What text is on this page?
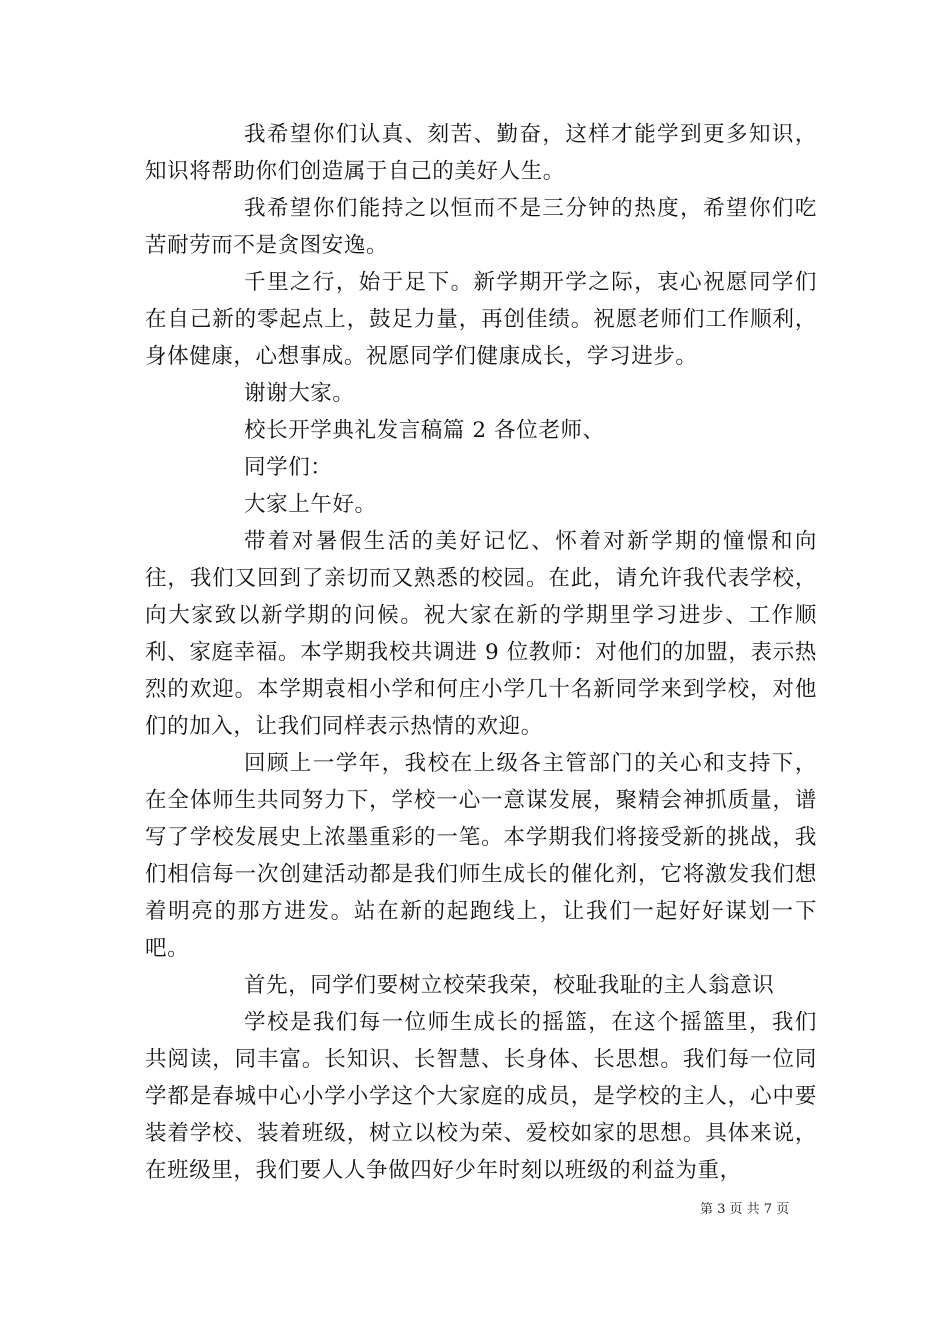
我希望你们认真、刻苦、勤奋，这样才能学到更多知识，知识将帮助你们创造属于自己的美好人生。

我希望你们能持之以恒而不是三分钟的热度，希望你们吃苦耐劳而不是贪图安逸。

千里之行，始于足下。新学期开学之际，衷心祝愿同学们在自己新的零起点上，鼓足力量，再创佳绩。祝愿老师们工作顺利，身体健康，心想事成。祝愿同学们健康成长，学习进步。

谢谢大家。

校长开学典礼发言稿篇 2 各位老师、

同学们：

大家上午好。

带着对暑假生活的美好记忆、怀着对新学期的憧憬和向往，我们又回到了亲切而又熟悉的校园。在此，请允许我代表学校，向大家致以新学期的问候。祝大家在新的学期里学习进步、工作顺利、家庭幸福。本学期我校共调进 9 位教师：对他们的加盟，表示热烈的欢迎。本学期袁相小学和何庄小学几十名新同学来到学校，对他们的加入，让我们同样表示热情的欢迎。

回顾上一学年，我校在上级各主管部门的关心和支持下，在全体师生共同努力下，学校一心一意谋发展，聚精会神抓质量，谱写了学校发展史上浓墨重彩的一笔。本学期我们将接受新的挑战，我们相信每一次创建活动都是我们师生成长的催化剂，它将激发我们想着明亮的那方进发。站在新的起跑线上，让我们一起好好谋划一下吧。

首先，同学们要树立校荣我荣，校耻我耻的主人翁意识

学校是我们每一位师生成长的摇篮，在这个摇篮里，我们共阅读，同丰富。长知识、长智慧、长身体、长思想。我们每一位同学都是春城中心小学小学这个大家庭的成员，是学校的主人，心中要装着学校、装着班级，树立以校为荣、爱校如家的思想。具体来说，在班级里，我们要人人争做四好少年时刻以班级的利益为重，

第 3 页 共 7 页
